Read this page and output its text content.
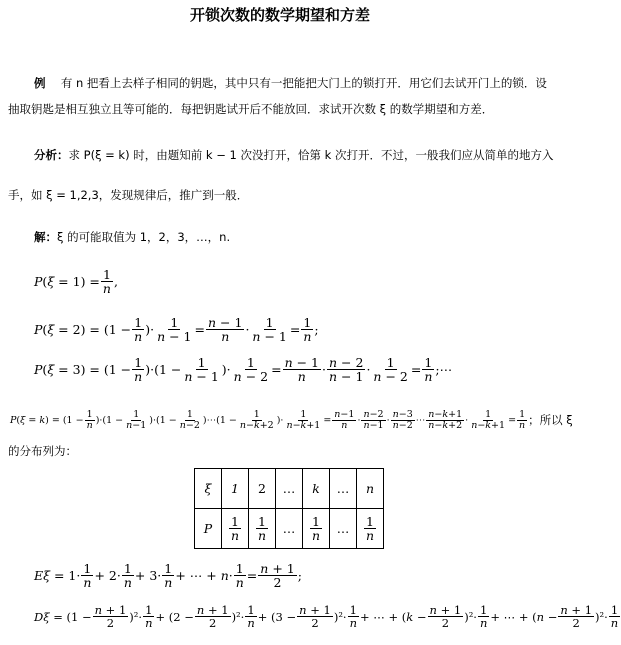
开锁次数的数学期望和方差
例 有 n 把看上去样子相同的钥匙，其中只有一把能把大门上的锁打开．用它们去试开门上的锁．设
抽取钥匙是相互独立且等可能的．每把钥匙试开后不能放回．求试开次数 ξ 的数学期望和方差．
分析：求 P(ξ = k) 时，由题知前 k − 1 次没打开，恰第 k 次打开．不过，一般我们应从简单的地方入
手，如 ξ = 1,2,3，发现规律后，推广到一般．
解：ξ 的可能取值为 1，2，3，…，n.
$P(\xi = 1) = \frac{1}{n}$ ,
$P(\xi = 2) = (1 - \frac{1}{n}$ )· $\frac{1}{n - 1} = \frac{n - 1}{n} \cdot \frac{1}{n - 1} = \frac{1}{n}$ ;
$P(\xi = 3) = (1 - \frac{1}{n} )\cdot(1 - \frac{1}{n - 1}$ )· $\frac{1}{n - 2} = \frac{n - 1}{n} \cdot \frac{n - 2}{n - 1} \cdot \frac{1}{n - 2} = \frac{1}{n}$ ;⋯
$P(\xi = k) = (1 - \frac{1}{n} )\cdot(1 - \frac{1}{n-1} )\cdot(1 - \frac{1}{n-2}$ )⋯(1 − $\frac{1}{n-k+2}$ )· $\frac{1}{n-k+1} = \frac{n-1}{n} \cdot \frac{n-2}{n-1} \cdot \frac{n-3}{n-2}$ ⋯ $\frac{n-k+1}{n-k+2} \cdot \frac{1}{n-k+1} = \frac{1}{n}$ ；所以 ξ
的分布列为：
ξ	1	2	…	k	…	n
P	$\frac{1}{n}$	$\frac{1}{n}$	…	$\frac{1}{n}$	…	$\frac{1}{n}$
$E\xi = 1\cdot \frac{1}{n} + 2\cdot \frac{1}{n} + 3\cdot \frac{1}{n}$ + ⋯ + $n\cdot \frac{1}{n} = \frac{n + 1}{2}$ ;
$D\xi = (1 - \frac{n + 1}{2} )^2\cdot \frac{1}{n} + (2 - \frac{n + 1}{2} )^2\cdot \frac{1}{n} + (3 - \frac{n + 1}{2} )^2\cdot \frac{1}{n}$ + ⋯ + $(k - \frac{n + 1}{2} )^2\cdot \frac{1}{n}$ + ⋯ + $(n - \frac{n + 1}{2} )^2\cdot \frac{1}{n}$
